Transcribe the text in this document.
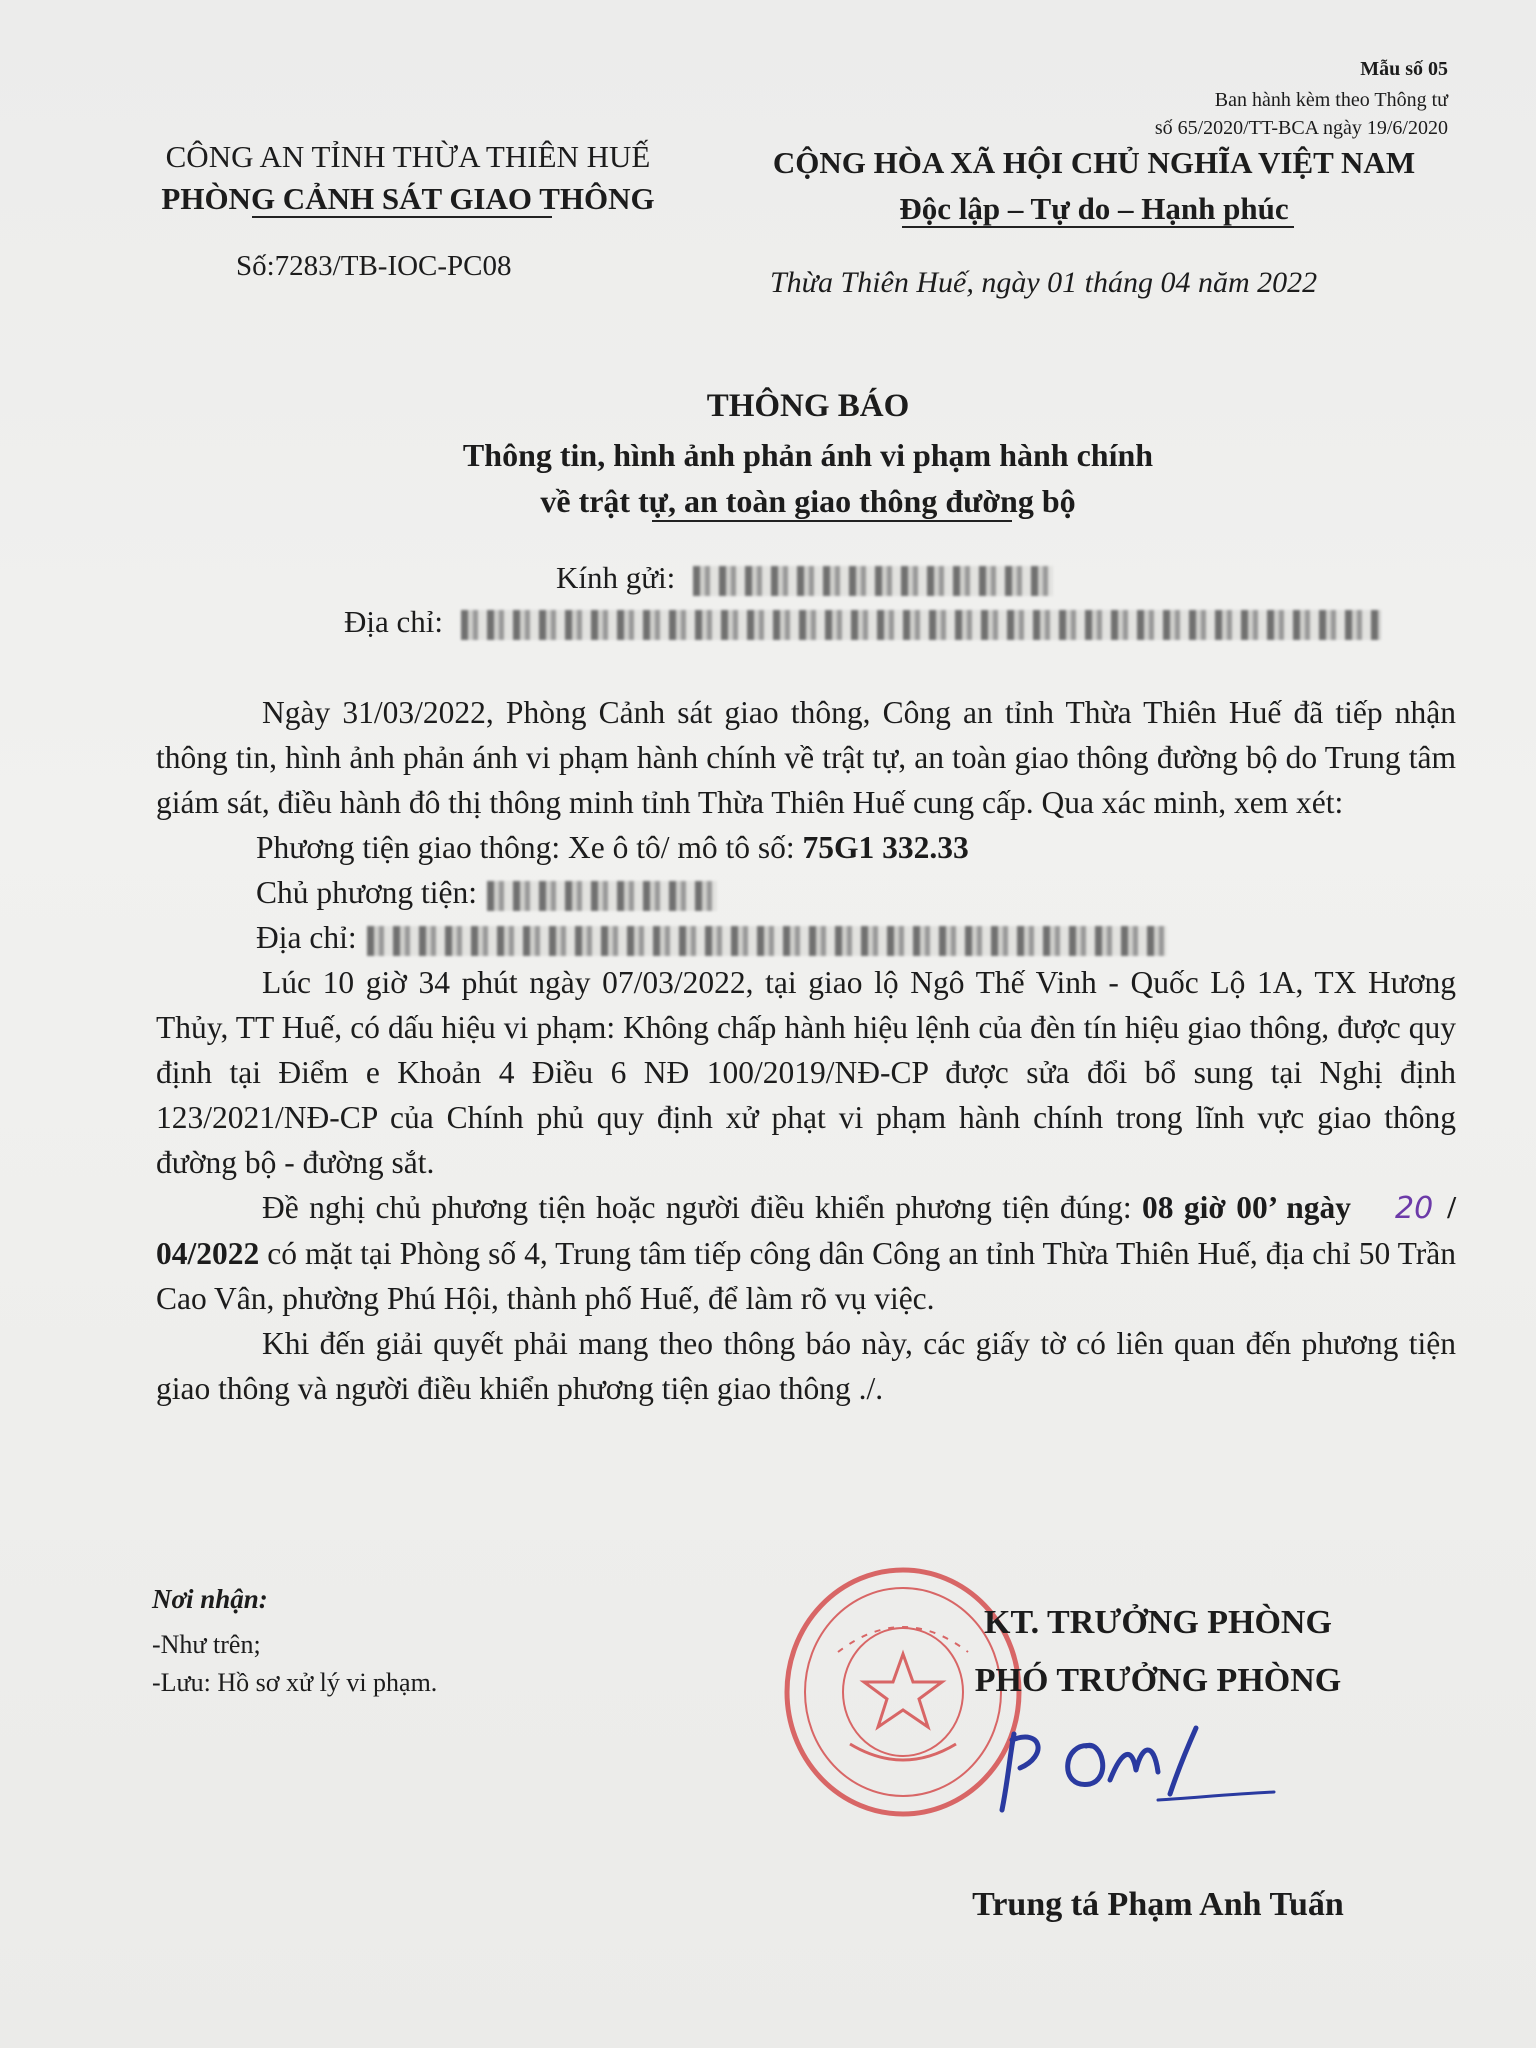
Mẫu số 05
Ban hành kèm theo Thông tư
số 65/2020/TT-BCA ngày 19/6/2020
CÔNG AN TỈNH THỪA THIÊN HUẾ
PHÒNG CẢNH SÁT GIAO THÔNG
Số:7283/TB-IOC-PC08
CỘNG HÒA XÃ HỘI CHỦ NGHĨA VIỆT NAM
Độc lập – Tự do – Hạnh phúc
Thừa Thiên Huế, ngày 01 tháng 04 năm 2022
THÔNG BÁO
Thông tin, hình ảnh phản ánh vi phạm hành chính
về trật tự, an toàn giao thông đường bộ
Kính gửi:
Địa chỉ:

Ngày 31/03/2022, Phòng Cảnh sát giao thông, Công an tỉnh Thừa Thiên Huế đã tiếp nhận thông tin, hình ảnh phản ánh vi phạm hành chính về trật tự, an toàn giao thông đường bộ do Trung tâm giám sát, điều hành đô thị thông minh tỉnh Thừa Thiên Huế cung cấp. Qua xác minh, xem xét:

Phương tiện giao thông: Xe ô tô/ mô tô số: 75G1 332.33

Chủ phương tiện:

Địa chỉ:

Lúc 10 giờ 34 phút ngày 07/03/2022, tại giao lộ Ngô Thế Vinh - Quốc Lộ 1A, TX Hương Thủy, TT Huế, có dấu hiệu vi phạm: Không chấp hành hiệu lệnh của đèn tín hiệu giao thông, được quy định tại Điểm e Khoản 4 Điều 6 NĐ 100/2019/NĐ-CP được sửa đổi bổ sung tại Nghị định 123/2021/NĐ-CP của Chính phủ quy định xử phạt vi phạm hành chính trong lĩnh vực giao thông đường bộ - đường sắt.

Đề nghị chủ phương tiện hoặc người điều khiển phương tiện đúng: 08 giờ 00’ ngày 20 / 04/2022 có mặt tại Phòng số 4, Trung tâm tiếp công dân Công an tỉnh Thừa Thiên Huế, địa chỉ 50 Trần Cao Vân, phường Phú Hội, thành phố Huế, để làm rõ vụ việc.

Khi đến giải quyết phải mang theo thông báo này, các giấy tờ có liên quan đến phương tiện giao thông và người điều khiển phương tiện giao thông ./.

Nơi nhận:
-Như trên;
-Lưu: Hồ sơ xử lý vi phạm.
KT. TRƯỞNG PHÒNG
PHÓ TRƯỞNG PHÒNG
Trung tá Phạm Anh Tuấn
